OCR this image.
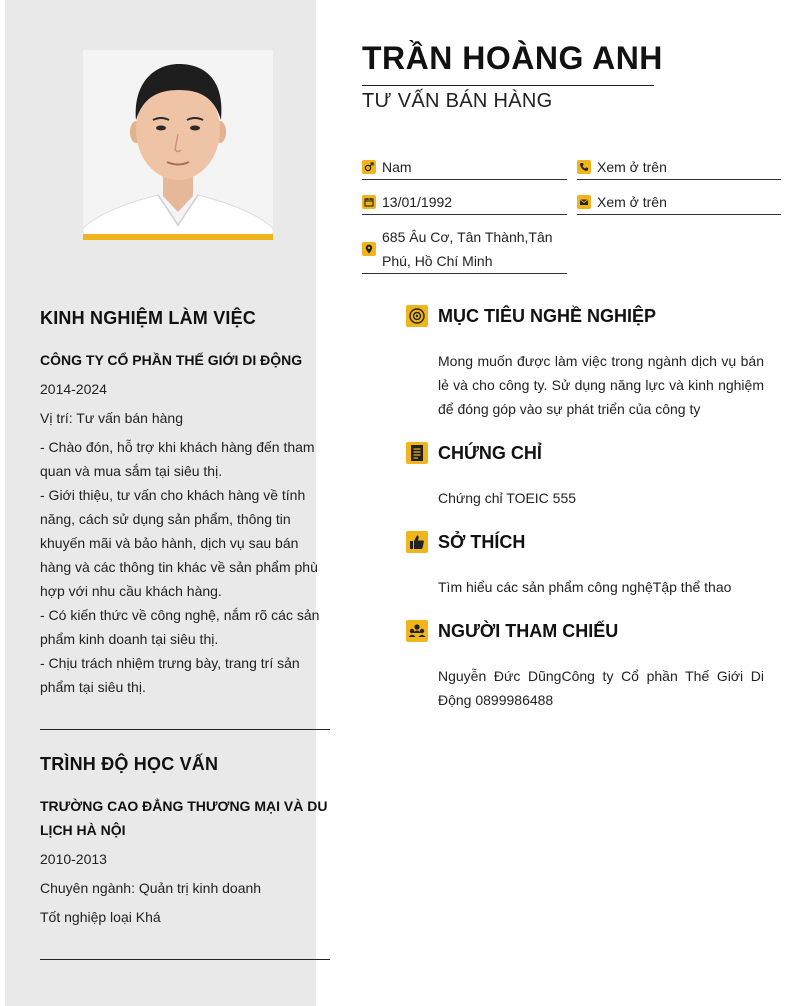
KINH NGHIỆM LÀM VIỆC
CÔNG TY CỔ PHẦN THẾ GIỚI DI ĐỘNG
2014-2024
Vị trí: Tư vấn bán hàng
- Chào đón, hỗ trợ khi khách hàng đến tham quan và mua sắm tại siêu thị.
- Giới thiệu, tư vấn cho khách hàng về tính năng, cách sử dụng sản phẩm, thông tin khuyến mãi và bảo hành, dịch vụ sau bán hàng và các thông tin khác về sản phẩm phù hợp với nhu cầu khách hàng.
- Có kiến thức về công nghệ, nắm rõ các sản phẩm kinh doanh tại siêu thị.
- Chịu trách nhiệm trưng bày, trang trí sản phẩm tại siêu thị.
TRÌNH ĐỘ HỌC VẤN
TRƯỜNG CAO ĐẲNG THƯƠNG MẠI VÀ DU LỊCH HÀ NỘI
2010-2013
Chuyên ngành: Quản trị kinh doanh
Tốt nghiệp loại Khá
TRẦN HOÀNG ANH
TƯ VẤN BÁN HÀNG
Nam	Xem ở trên
13/01/1992	Xem ở trên
685 Âu Cơ, Tân Thành,Tân Phú, Hồ Chí Minh
MỤC TIÊU NGHỀ NGHIỆP
Mong muốn được làm việc trong ngành dịch vụ bán lẻ và cho công ty. Sử dụng năng lực và kinh nghiệm để đóng góp vào sự phát triển của công ty
CHỨNG CHỈ
Chứng chỉ TOEIC 555
SỞ THÍCH
Tìm hiểu các sản phẩm công nghệTập thể thao
NGƯỜI THAM CHIẾU
Nguyễn Đức DũngCông ty Cổ phần Thế Giới Di Động 0899986488
